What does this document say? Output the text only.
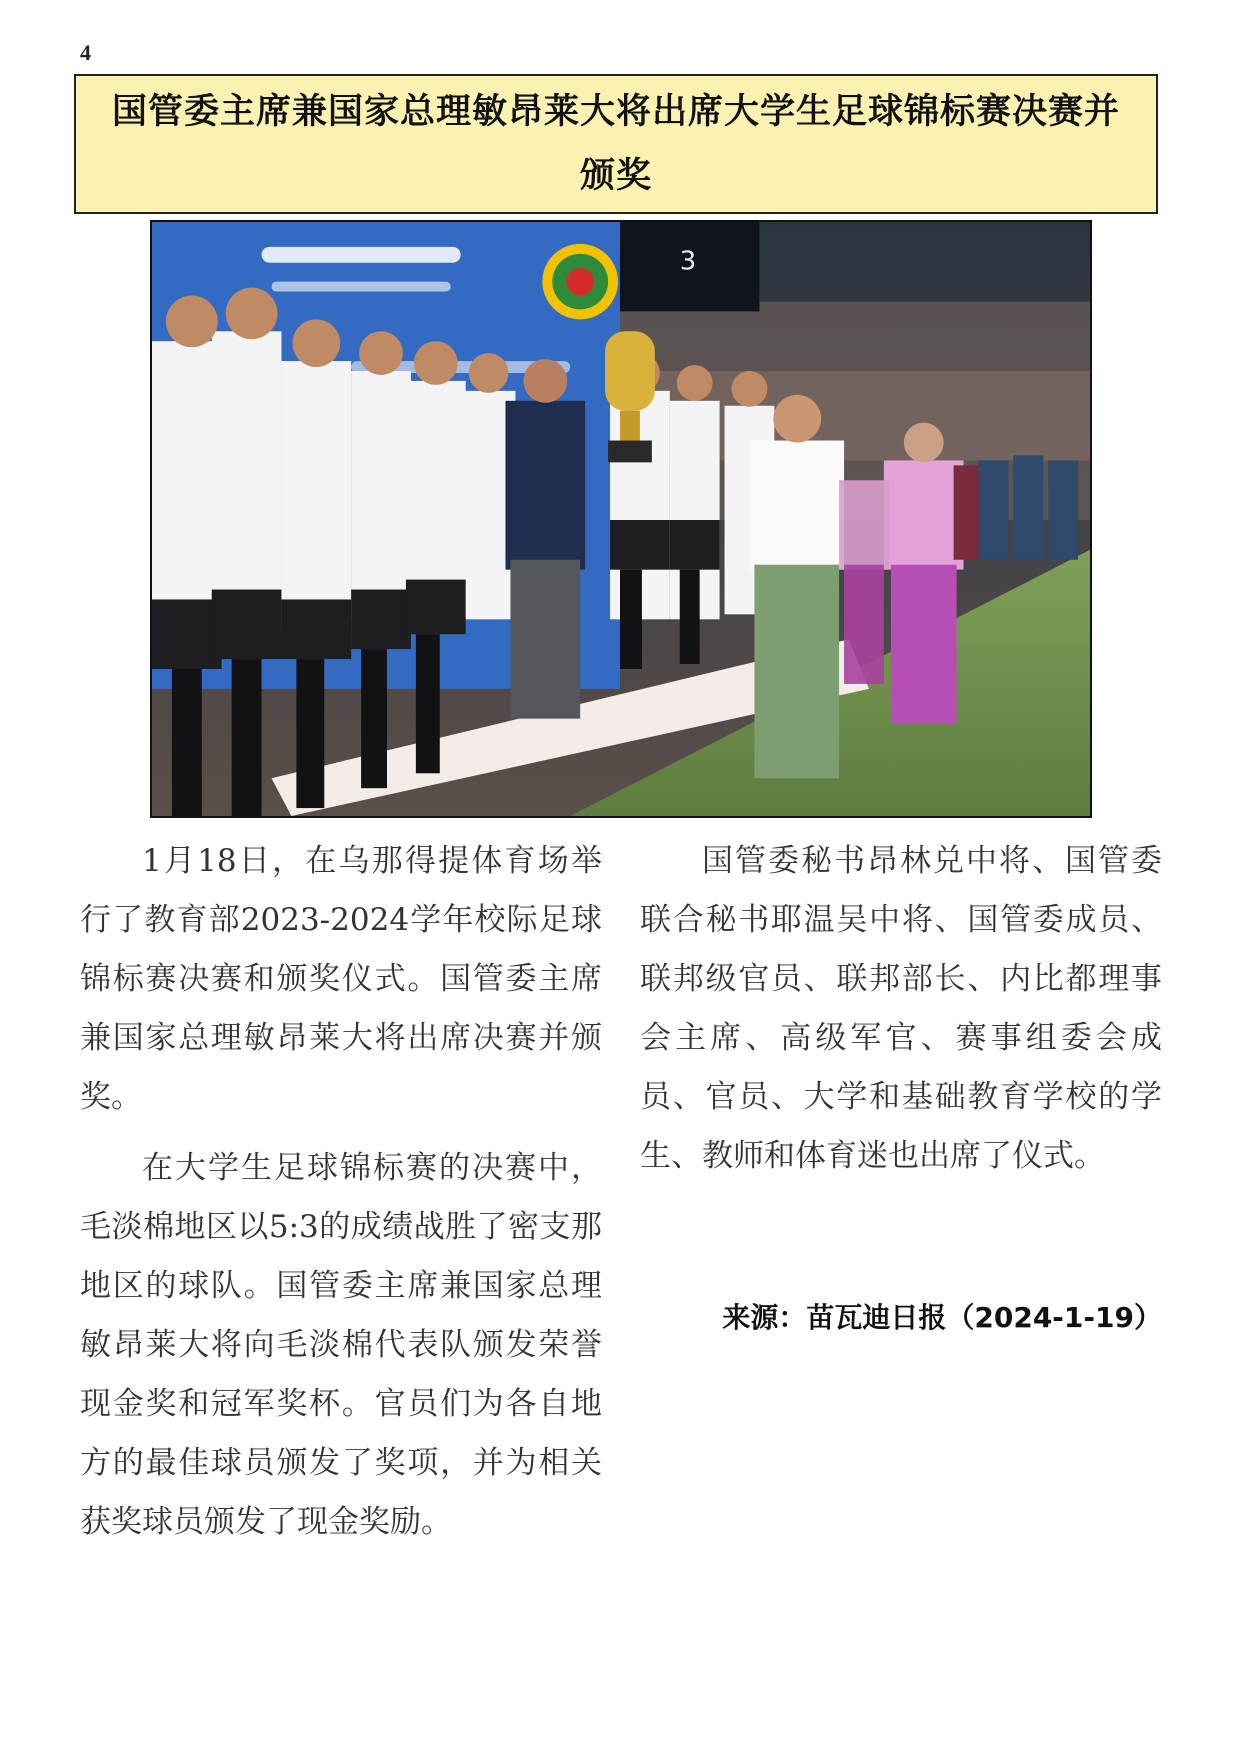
4
国管委主席兼国家总理敏昂莱大将出席大学生足球锦标赛决赛并颁奖
3

1月18日，在乌那得提体育场举行了教育部2023-2024学年校际足球锦标赛决赛和颁奖仪式。国管委主席兼国家总理敏昂莱大将出席决赛并颁奖。

在大学生足球锦标赛的决赛中，毛淡棉地区以5:3的成绩战胜了密支那地区的球队。国管委主席兼国家总理敏昂莱大将向毛淡棉代表队颁发荣誉现金奖和冠军奖杯。官员们为各自地方的最佳球员颁发了奖项，并为相关获奖球员颁发了现金奖励。

国管委秘书昂林兑中将、国管委联合秘书耶温吴中将、国管委成员、联邦级官员、联邦部长、内比都理事会主席、高级军官、赛事组委会成员、官员、大学和基础教育学校的学生、教师和体育迷也出席了仪式。

来源：苗瓦迪日报（2024-1-19）
